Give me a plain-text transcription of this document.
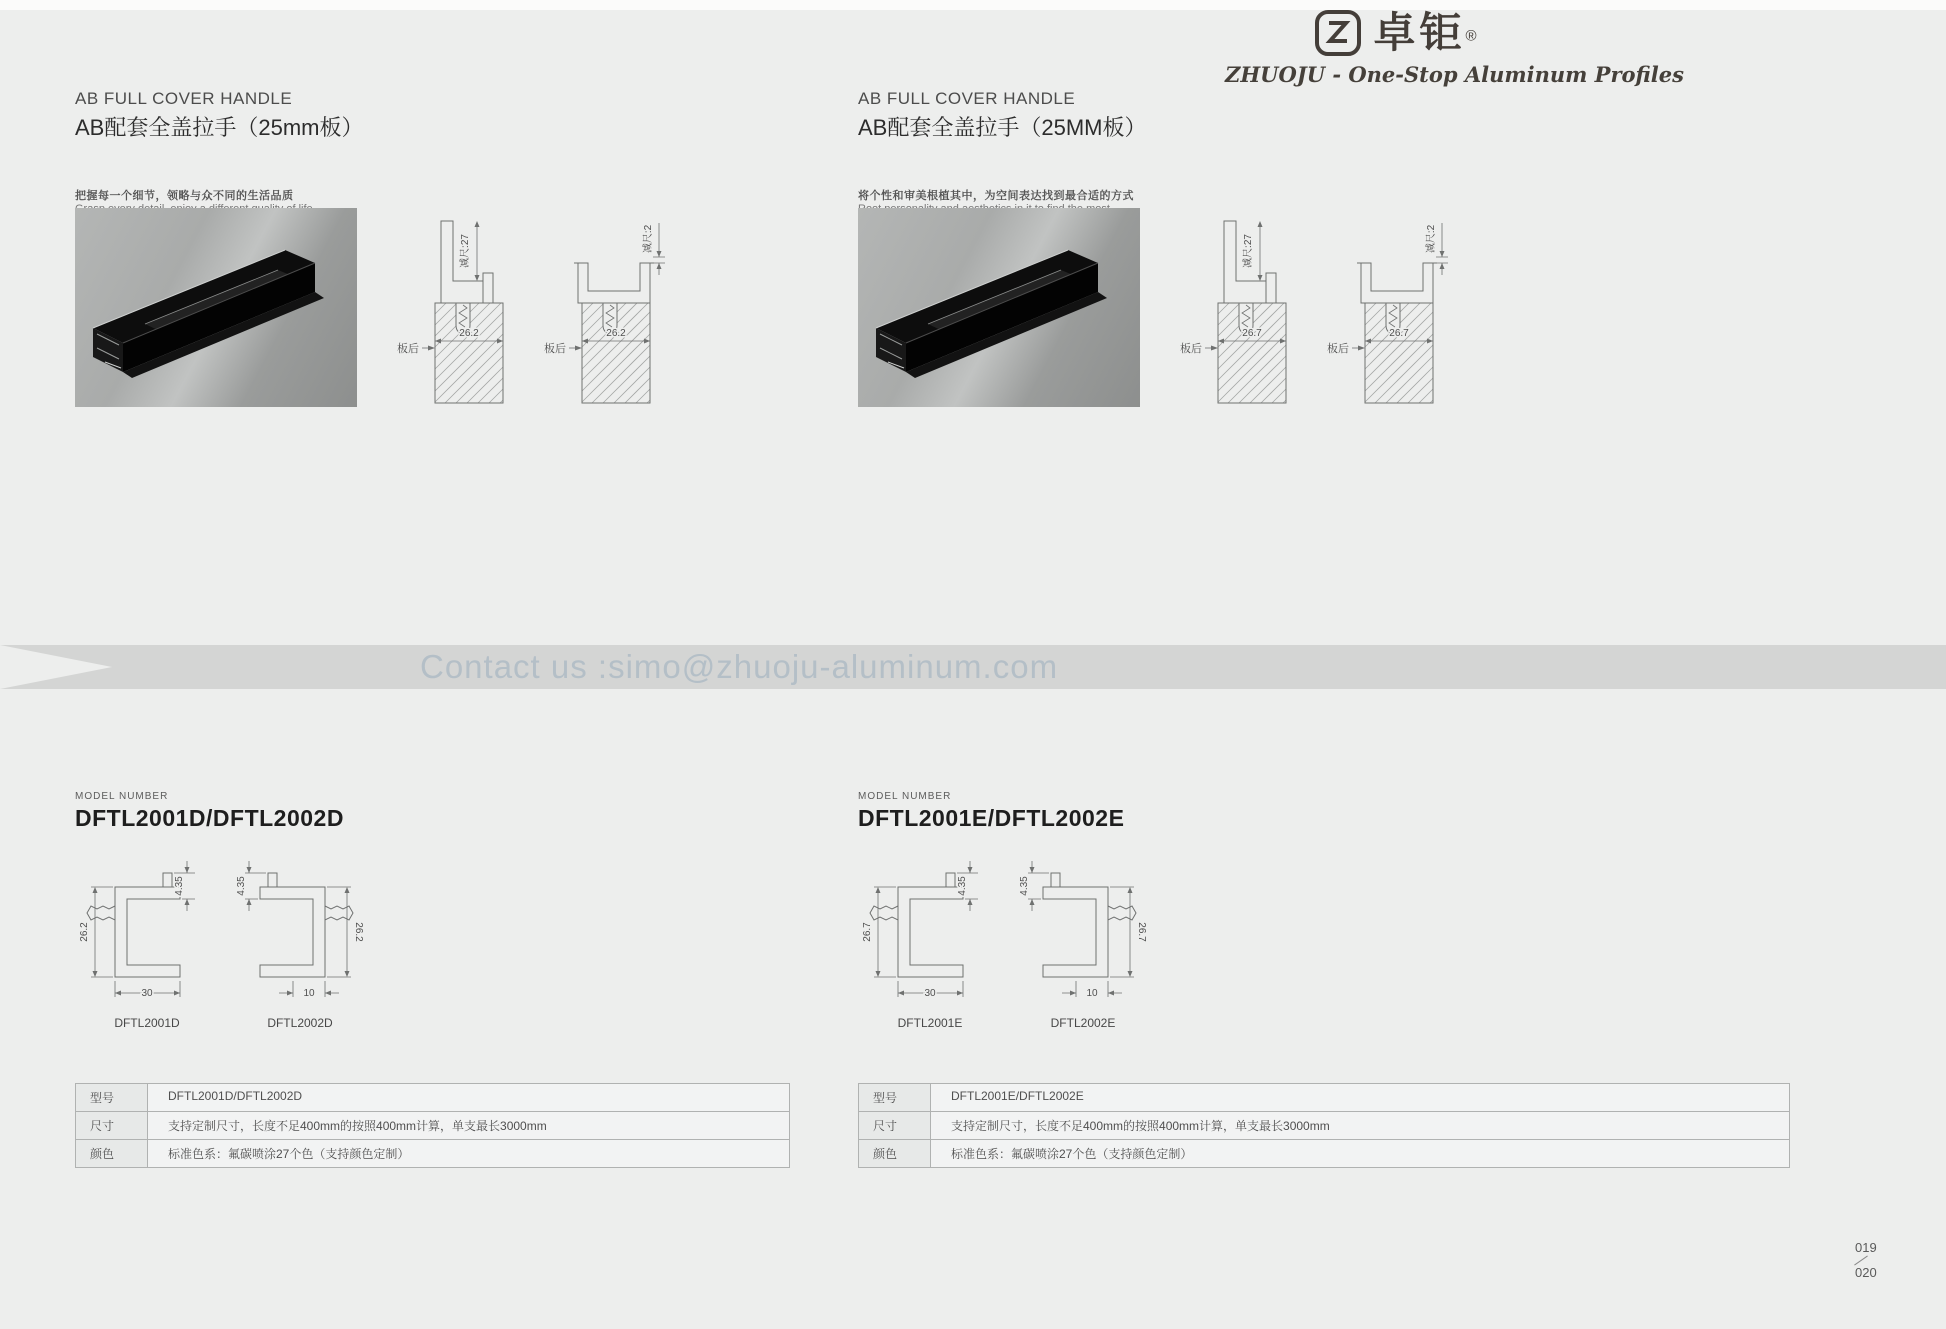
卓钜®
ZHUOJU - One-Stop Aluminum Profiles
AB FULL COVER HANDLE
AB配套全盖拉手（25mm板）
把握每一个细节，领略与众不同的生活品质
减尺:27
26.2
板后
减尺:2
26.2
板后
MODEL NUMBER
DFTL2001D/DFTL2002D
26.2
4.35	4.35
26.2
30	10
DFTL2001D	DFTL2002D
型号	DFTL2001D/DFTL2002D
尺寸	支持定制尺寸，长度不足400mm的按照400mm计算，单支最长3000mm
颜色	标准色系：氟碳喷涂27个色（支持颜色定制）
AB FULL COVER HANDLE
AB配套全盖拉手（25MM板）
将个性和审美根植其中，为空间表达找到最合适的方式
减尺:27
26.7
板后
减尺:2
26.7
板后
MODEL NUMBER
DFTL2001E/DFTL2002E
26.7
4.35	4.35
26.7
30	10
DFTL2001E	DFTL2002E
型号	DFTL2001E/DFTL2002E
尺寸	支持定制尺寸，长度不足400mm的按照400mm计算，单支最长3000mm
颜色	标准色系：氟碳喷涂27个色（支持颜色定制）
Contact us :simo@zhuoju-aluminum.com
019
020
